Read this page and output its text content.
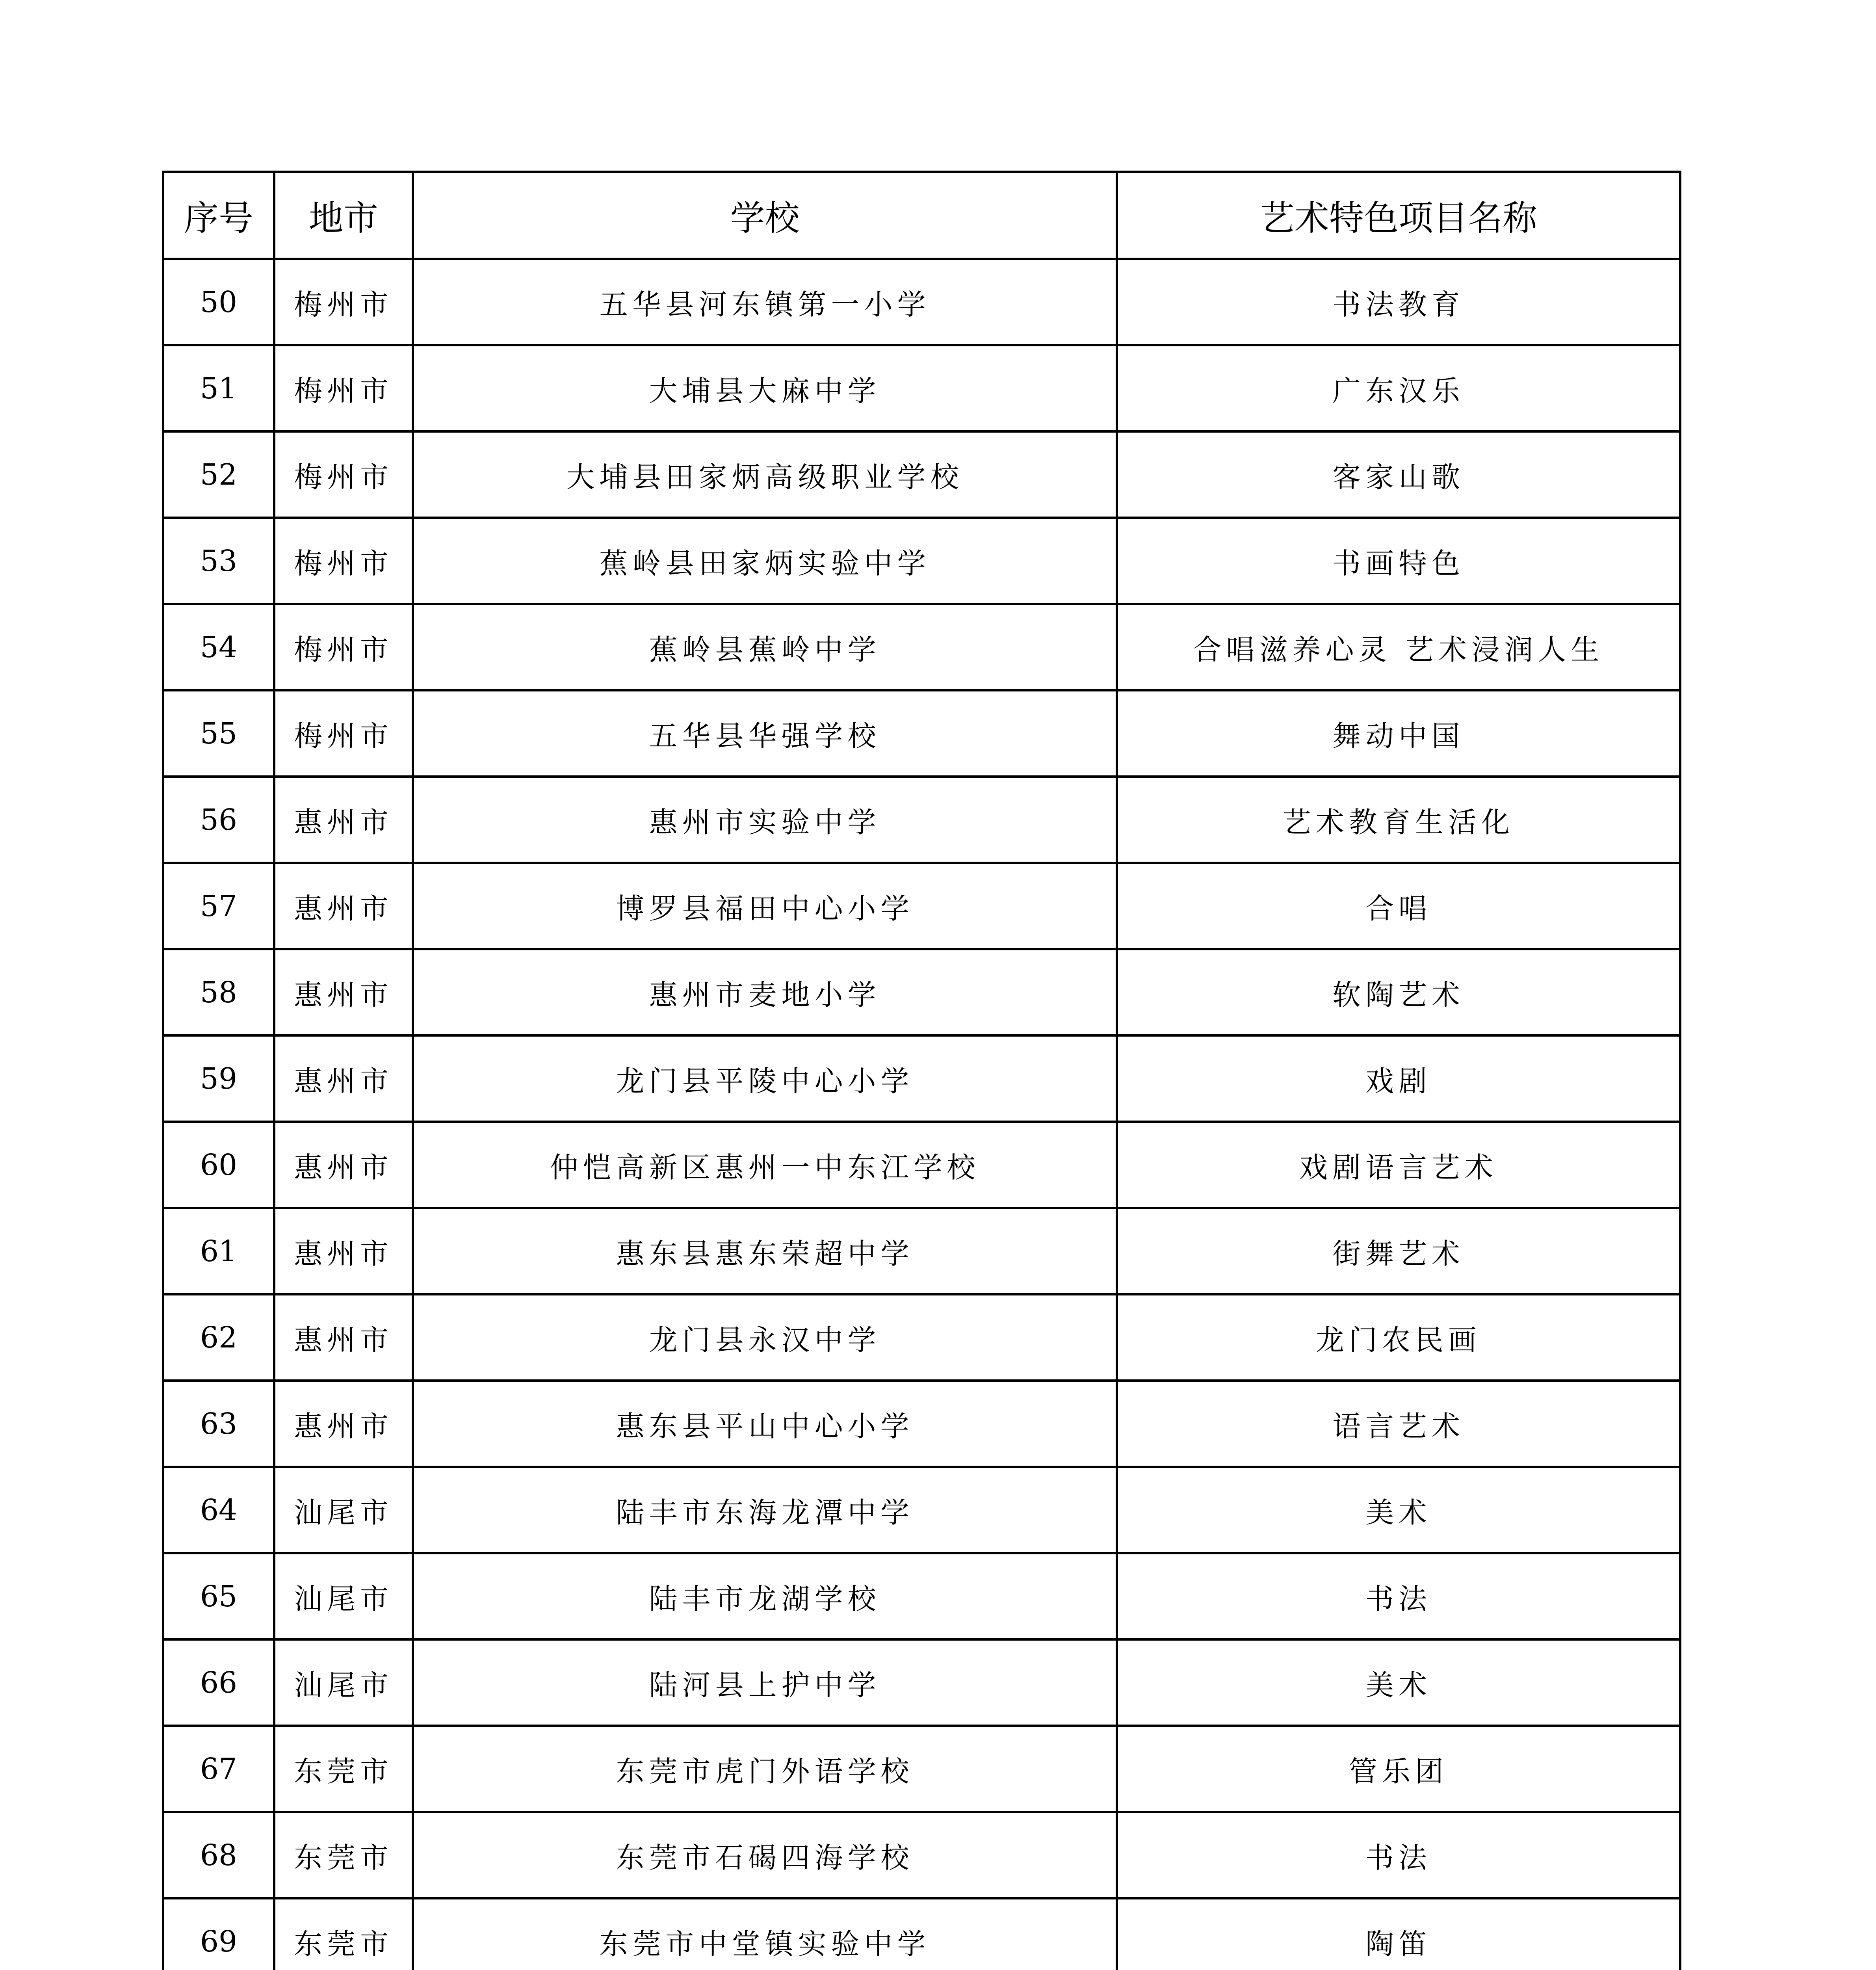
序号	地市	学校	艺术特色项目名称
50	梅州市	五华县河东镇第一小学	书法教育
51	梅州市	大埔县大麻中学	广东汉乐
52	梅州市	大埔县田家炳高级职业学校	客家山歌
53	梅州市	蕉岭县田家炳实验中学	书画特色
54	梅州市	蕉岭县蕉岭中学	合唱滋养心灵 艺术浸润人生
55	梅州市	五华县华强学校	舞动中国
56	惠州市	惠州市实验中学	艺术教育生活化
57	惠州市	博罗县福田中心小学	合唱
58	惠州市	惠州市麦地小学	软陶艺术
59	惠州市	龙门县平陵中心小学	戏剧
60	惠州市	仲恺高新区惠州一中东江学校	戏剧语言艺术
61	惠州市	惠东县惠东荣超中学	街舞艺术
62	惠州市	龙门县永汉中学	龙门农民画
63	惠州市	惠东县平山中心小学	语言艺术
64	汕尾市	陆丰市东海龙潭中学	美术
65	汕尾市	陆丰市龙湖学校	书法
66	汕尾市	陆河县上护中学	美术
67	东莞市	东莞市虎门外语学校	管乐团
68	东莞市	东莞市石碣四海学校	书法
69	东莞市	东莞市中堂镇实验中学	陶笛
